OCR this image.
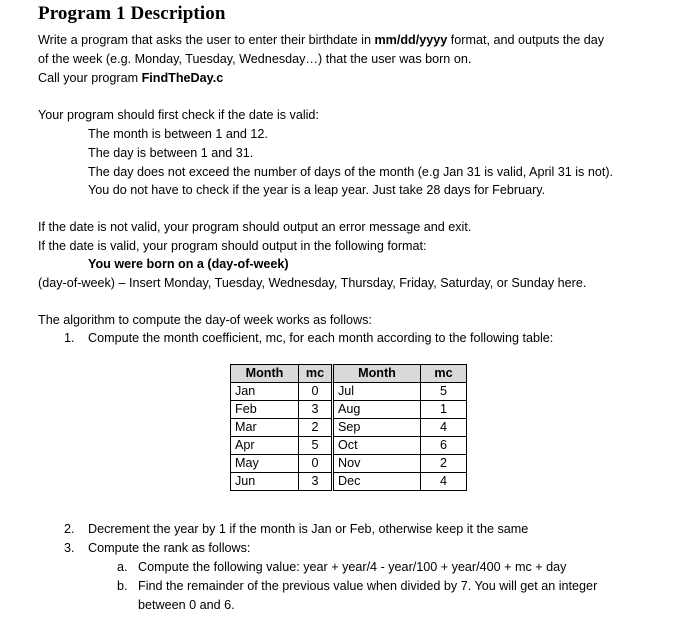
Program 1 Description
Write a program that asks the user to enter their birthdate in mm/dd/yyyy format, and outputs the day
of the week (e.g. Monday, Tuesday, Wednesday…) that the user was born on.
Call your program FindTheDay.c
Your program should first check if the date is valid:
The month is between 1 and 12.
The day is between 1 and 31.
The day does not exceed the number of days of the month (e.g Jan 31 is valid, April 31 is not).
You do not have to check if the year is a leap year. Just take 28 days for February.
If the date is not valid, your program should output an error message and exit.
If the date is valid, your program should output in the following format:
You were born on a (day-of-week)
(day-of-week) – Insert Monday, Tuesday, Wednesday, Thursday, Friday, Saturday, or Sunday here.
The algorithm to compute the day-of week works as follows:
1. Compute the month coefficient, mc, for each month according to the following table:
Month	mc	Month	mc
Jan	0	Jul	5
Feb	3	Aug	1
Mar	2	Sep	4
Apr	5	Oct	6
May	0	Nov	2
Jun	3	Dec	4
2. Decrement the year by 1 if the month is Jan or Feb, otherwise keep it the same
3. Compute the rank as follows:
a. Compute the following value: year + year/4 - year/100 + year/400 + mc + day
b. Find the remainder of the previous value when divided by 7. You will get an integer
between 0 and 6.
